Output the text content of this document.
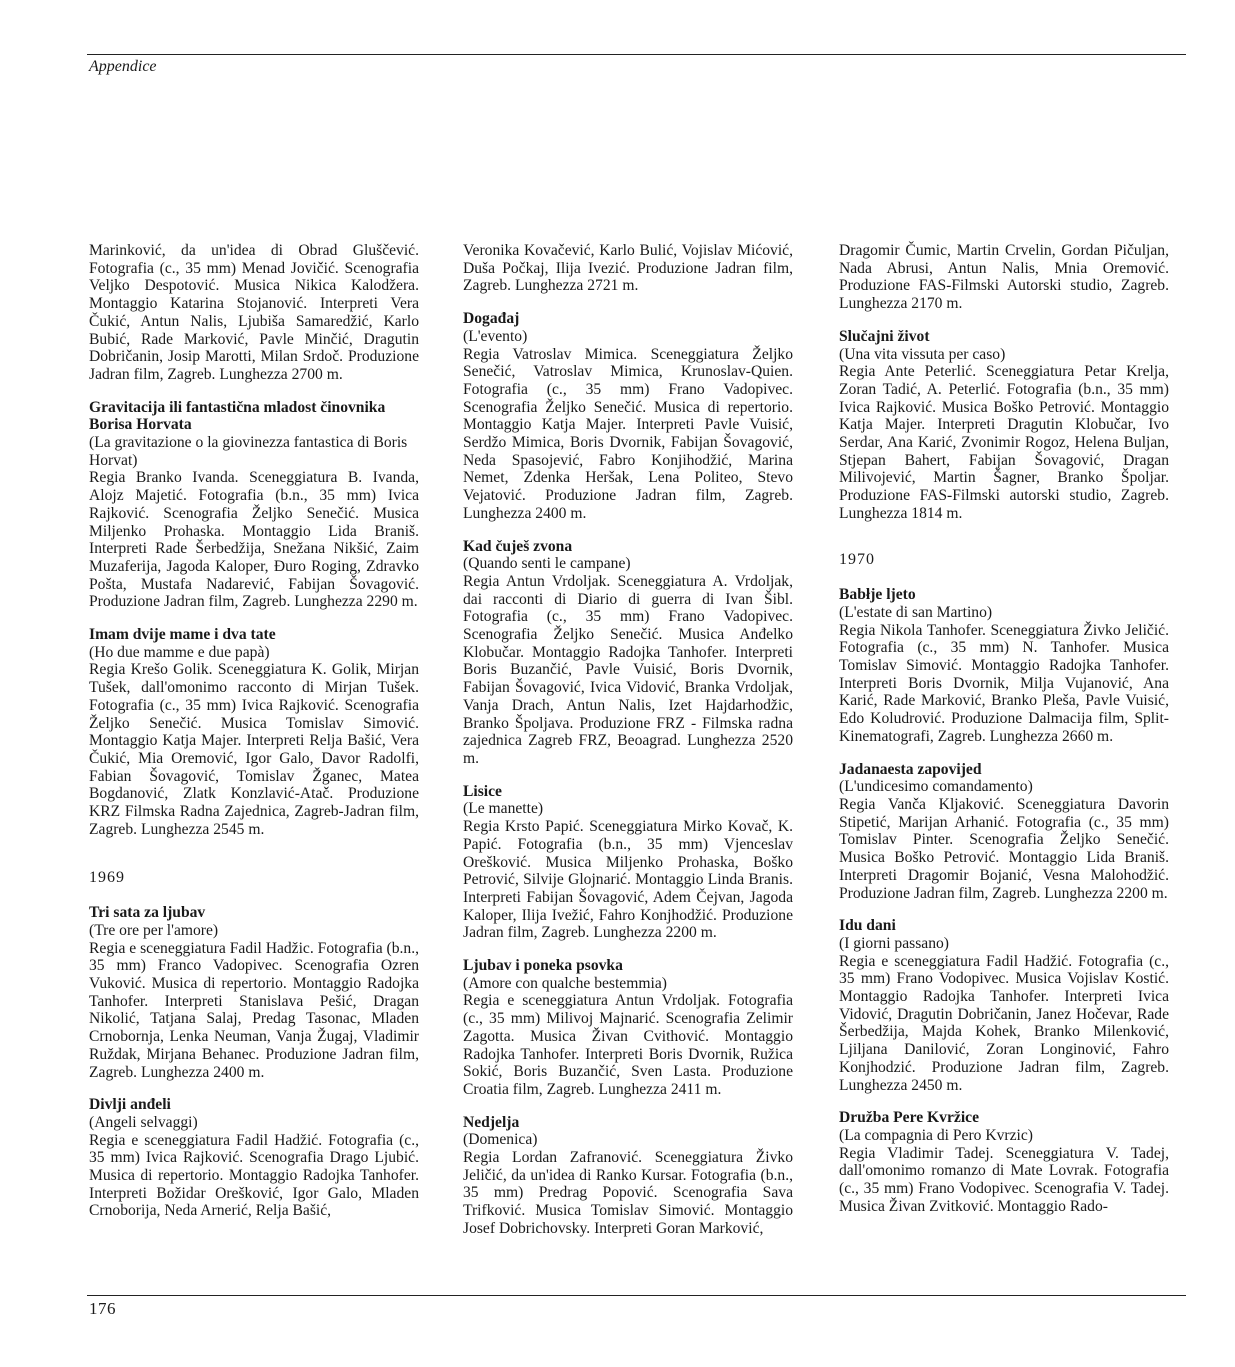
Appendice

Marinković, da un'idea di Obrad Gluščević. Fotografia (c., 35 mm) Menad Jovičić. Scenografia Veljko Despotović. Musica Nikica Kalodžera. Montaggio Katarina Stojanović. Interpreti Vera Čukić, Antun Nalis, Ljubiša Samaredžić, Karlo Bubić, Rade Marković, Pavle Minčić, Dragutin Dobričanin, Josip Marotti, Milan Srdoč. Produzione Jadran film, Zagreb. Lunghezza 2700 m.

Gravitacija ili fantastična mladost činovnika Borisa Horvata

(La gravitazione o la giovinezza fantastica di Boris Horvat)

Regia Branko Ivanda. Sceneggiatura B. Ivanda, Alojz Majetić. Fotografia (b.n., 35 mm) Ivica Rajković. Scenografia Željko Senečić. Musica Miljenko Prohaska. Montaggio Lida Braniš. Interpreti Rade Šerbedžija, Snežana Nikšić, Zaim Muzaferija, Jagoda Kaloper, Đuro Roging, Zdravko Pošta, Mustafa Nadarević, Fabijan Šovagović. Produzione Jadran film, Zagreb. Lunghezza 2290 m.

Imam dvije mame i dva tate

(Ho due mamme e due papà)

Regia Krešo Golik. Sceneggiatura K. Golik, Mirjan Tušek, dall'omonimo racconto di Mirjan Tušek. Fotografia (c., 35 mm) Ivica Rajković. Scenografia Željko Senečić. Musica Tomislav Simović. Montaggio Katja Majer. Interpreti Relja Bašić, Vera Čukić, Mia Oremović, Igor Galo, Davor Radolfi, Fabian Šovagović, Tomislav Žganec, Matea Bogdanović, Zlatk Konzlavić-Atač. Produzione KRZ Filmska Radna Zajednica, Zagreb-Jadran film, Zagreb. Lunghezza 2545 m.

1969

Tri sata za ljubav

(Tre ore per l'amore)

Regia e sceneggiatura Fadil Hadžic. Fotografia (b.n., 35 mm) Franco Vadopivec. Scenografia Ozren Vuković. Musica di repertorio. Montaggio Radojka Tanhofer. Interpreti Stanislava Pešić, Dragan Nikolić, Tatjana Salaj, Predag Tasonac, Mladen Crnobornja, Lenka Neuman, Vanja Žugaj, Vladimir Ruždak, Mirjana Behanec. Produzione Jadran film, Zagreb. Lunghezza 2400 m.

Divlji anđeli

(Angeli selvaggi)

Regia e sceneggiatura Fadil Hadžić. Fotografia (c., 35 mm) Ivica Rajković. Scenografia Drago Ljubić. Musica di repertorio. Montaggio Radojka Tanhofer. Interpreti Božidar Orešković, Igor Galo, Mladen Crnoborija, Neda Arnerić, Relja Bašić,

Veronika Kovačević, Karlo Bulić, Vojislav Mićović, Duša Počkaj, Ilija Ivezić. Produzione Jadran film, Zagreb. Lunghezza 2721 m.

Događaj

(L'evento)

Regia Vatroslav Mimica. Sceneggiatura Željko Senečić, Vatroslav Mimica, Krunoslav-Quien. Fotografia (c., 35 mm) Frano Vadopivec. Scenografia Željko Senečić. Musica di repertorio. Montaggio Katja Majer. Interpreti Pavle Vuisić, Serdžo Mimica, Boris Dvornik, Fabijan Šovagović, Neda Spasojević, Fabro Konjihodžić, Marina Nemet, Zdenka Heršak, Lena Politeo, Stevo Vejatović. Produzione Jadran film, Zagreb. Lunghezza 2400 m.

Kad čuješ zvona

(Quando senti le campane)

Regia Antun Vrdoljak. Sceneggiatura A. Vrdoljak, dai racconti di Diario di guerra di Ivan Šibl. Fotografia (c., 35 mm) Frano Vadopivec. Scenografia Željko Senečić. Musica Anđelko Klobučar. Montaggio Radojka Tanhofer. Interpreti Boris Buzančić, Pavle Vuisić, Boris Dvornik, Fabijan Šovagović, Ivica Vidović, Branka Vrdoljak, Vanja Drach, Antun Nalis, Izet Hajdarhodžic, Branko Špoljava. Produzione FRZ - Filmska radna zajednica Zagreb FRZ, Beoagrad. Lunghezza 2520 m.

Lisice

(Le manette)

Regia Krsto Papić. Sceneggiatura Mirko Kovač, K. Papić. Fotografia (b.n., 35 mm) Vjenceslav Orešković. Musica Miljenko Prohaska, Boško Petrović, Silvije Glojnarić. Montaggio Linda Branis. Interpreti Fabijan Šovagović, Adem Čejvan, Jagoda Kaloper, Ilija Ivežić, Fahro Konjhodžić. Produzione Jadran film, Zagreb. Lunghezza 2200 m.

Ljubav i poneka psovka

(Amore con qualche bestemmia)

Regia e sceneggiatura Antun Vrdoljak. Fotografia (c., 35 mm) Milivoj Majnarić. Scenografia Zelimir Zagotta. Musica Živan Cvithović. Montaggio Radojka Tanhofer. Interpreti Boris Dvornik, Ružica Sokić, Boris Buzančić, Sven Lasta. Produzione Croatia film, Zagreb. Lunghezza 2411 m.

Nedjelja

(Domenica)

Regia Lordan Zafranović. Sceneggiatura Živko Jeličić, da un'idea di Ranko Kursar. Fotografia (b.n., 35 mm) Predrag Popović. Scenografia Sava Trifković. Musica Tomislav Simović. Montaggio Josef Dobrichovsky. Interpreti Goran Marković,

Dragomir Čumic, Martin Crvelin, Gordan Pičuljan, Nada Abrusi, Antun Nalis, Mnia Oremović. Produzione FAS-Filmski Autorski studio, Zagreb. Lunghezza 2170 m.

Slučajni život

(Una vita vissuta per caso)

Regia Ante Peterlić. Sceneggiatura Petar Krelja, Zoran Tadić, A. Peterlić. Fotografia (b.n., 35 mm) Ivica Rajković. Musica Boško Petrović. Montaggio Katja Majer. Interpreti Dragutin Klobučar, Ivo Serdar, Ana Karić, Zvonimir Rogoz, Helena Buljan, Stjepan Bahert, Fabijan Šovagović, Dragan Milivojević, Martin Šagner, Branko Špoljar. Produzione FAS-Filmski autorski studio, Zagreb. Lunghezza 1814 m.

1970

Babłje ljeto

(L'estate di san Martino)

Regia Nikola Tanhofer. Sceneggiatura Živko Jeličić. Fotografia (c., 35 mm) N. Tanhofer. Musica Tomislav Simović. Montaggio Radojka Tanhofer. Interpreti Boris Dvornik, Milja Vujanović, Ana Karić, Rade Marković, Branko Pleša, Pavle Vuisić, Edo Koludrović. Produzione Dalmacija film, Split-Kinematografi, Zagreb. Lunghezza 2660 m.

Jadanaesta zapovijed

(L'undicesimo comandamento)

Regia Vanča Kljaković. Sceneggiatura Davorin Stipetić, Marijan Arhanić. Fotografia (c., 35 mm) Tomislav Pinter. Scenografia Željko Senečić. Musica Boško Petrović. Montaggio Lida Braniš. Interpreti Dragomir Bojanić, Vesna Malohodžić. Produzione Jadran film, Zagreb. Lunghezza 2200 m.

Idu dani

(I giorni passano)

Regia e sceneggiatura Fadil Hadžić. Fotografia (c., 35 mm) Frano Vodopivec. Musica Vojislav Kostić. Montaggio Radojka Tanhofer. Interpreti Ivica Vidović, Dragutin Dobričanin, Janez Hočevar, Rade Šerbedžija, Majda Kohek, Branko Milenković, Ljiljana Danilović, Zoran Longinović, Fahro Konjhodzić. Produzione Jadran film, Zagreb. Lunghezza 2450 m.

Družba Pere Kvržice

(La compagnia di Pero Kvrzic)

Regia Vladimir Tadej. Sceneggiatura V. Tadej, dall'omonimo romanzo di Mate Lovrak. Fotografia (c., 35 mm) Frano Vodopivec. Scenografia V. Tadej. Musica Živan Zvitković. Montaggio Rado-

176
